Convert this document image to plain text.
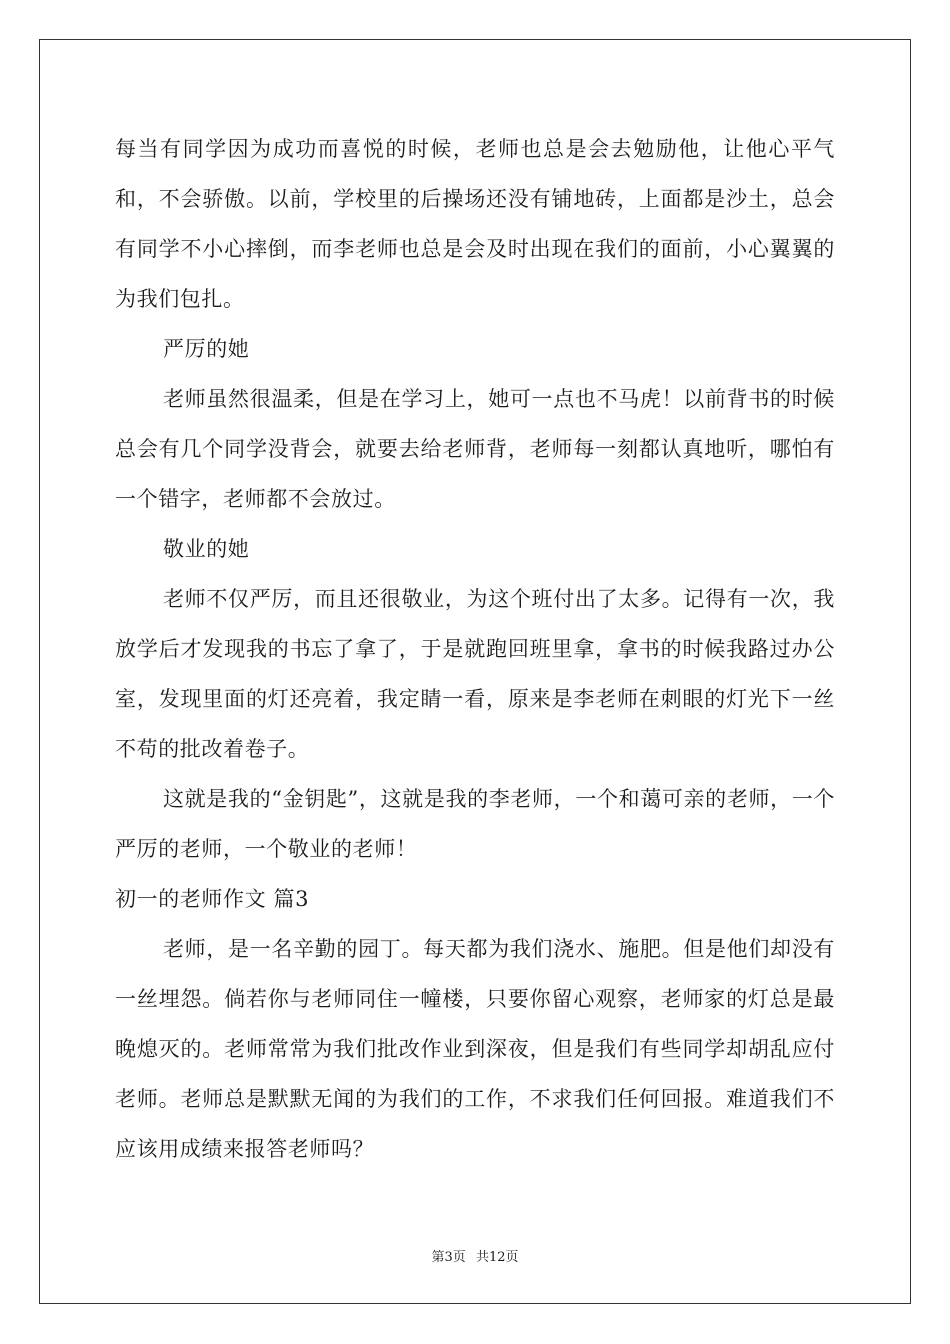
每当有同学因为成功而喜悦的时候，老师也总是会去勉励他，让他心平气和，不会骄傲。以前，学校里的后操场还没有铺地砖，上面都是沙土，总会有同学不小心摔倒，而李老师也总是会及时出现在我们的面前，小心翼翼的为我们包扎。

严厉的她

老师虽然很温柔，但是在学习上，她可一点也不马虎！以前背书的时候总会有几个同学没背会，就要去给老师背，老师每一刻都认真地听，哪怕有一个错字，老师都不会放过。

敬业的她

老师不仅严厉，而且还很敬业，为这个班付出了太多。记得有一次，我放学后才发现我的书忘了拿了，于是就跑回班里拿，拿书的时候我路过办公室，发现里面的灯还亮着，我定睛一看，原来是李老师在刺眼的灯光下一丝不苟的批改着卷子。

这就是我的“金钥匙”，这就是我的李老师，一个和蔼可亲的老师，一个严厉的老师，一个敬业的老师！

初一的老师作文 篇3

老师，是一名辛勤的园丁。每天都为我们浇水、施肥。但是他们却没有一丝埋怨。倘若你与老师同住一幢楼，只要你留心观察，老师家的灯总是最晚熄灭的。老师常常为我们批改作业到深夜，但是我们有些同学却胡乱应付老师。老师总是默默无闻的为我们的工作，不求我们任何回报。难道我们不应该用成绩来报答老师吗？

第3页 共12页
